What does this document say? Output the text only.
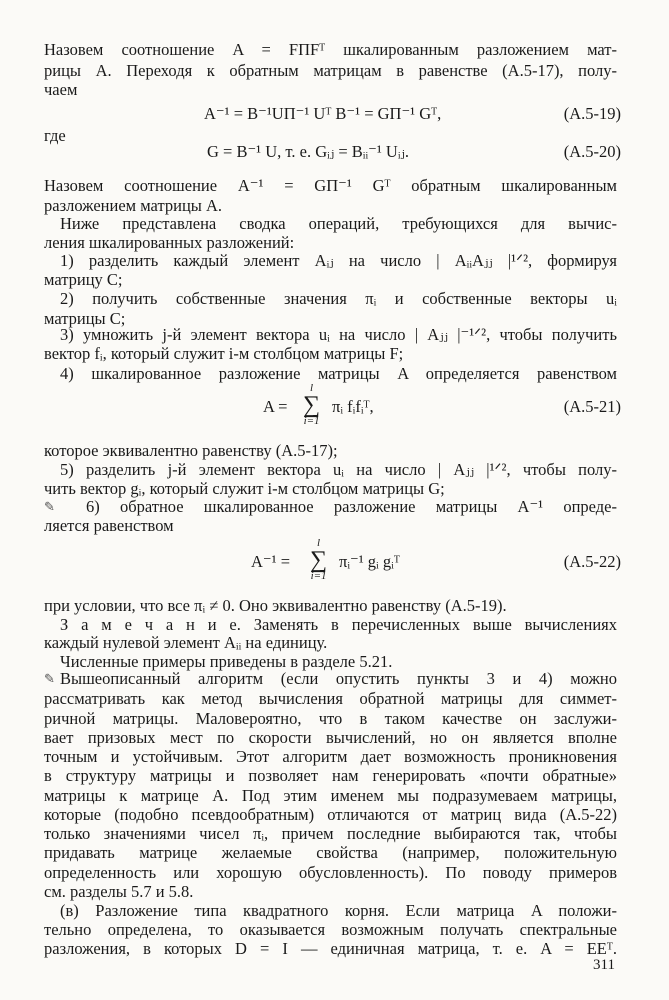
Назовем соотношение A = FΠFᵀ шкалированным разложением мат-
рицы A. Переходя к обратным матрицам в равенстве (A.5-17), полу-
чаем
A⁻¹ = B⁻¹UΠ⁻¹ Uᵀ B⁻¹ = GΠ⁻¹ Gᵀ,	(A.5-19)
где
G = B⁻¹ U, т. е. Gᵢⱼ = Bᵢᵢ⁻¹ Uᵢⱼ.	(A.5-20)
Назовем соотношение A⁻¹ = GΠ⁻¹ Gᵀ обратным шкалированным
разложением матрицы A.
Ниже представлена сводка операций, требующихся для вычис-
ления шкалированных разложений:
1) разделить каждый элемент Aᵢⱼ на число | AᵢᵢAⱼⱼ |¹ᐟ², формируя
матрицу C;
2) получить собственные значения πᵢ и собственные векторы uᵢ
матрицы C;
3) умножить j-й элемент вектора uᵢ на число | Aⱼⱼ |⁻¹ᐟ², чтобы получить
вектор fᵢ, который служит i-м столбцом матрицы F;
4) шкалированное разложение матрицы A определяется равенством
A =
l
∑
i=1
πᵢ fᵢfᵢᵀ,	(A.5-21)
которое эквивалентно равенству (A.5-17);
5) разделить j-й элемент вектора uᵢ на число | Aⱼⱼ |¹ᐟ², чтобы полу-
чить вектор gᵢ, который служит i-м столбцом матрицы G;
✎ 6) обратное шкалированное разложение матрицы A⁻¹ опреде-
ляется равенством
A⁻¹ =
l
∑
i=1
πᵢ⁻¹ gᵢ gᵢᵀ	(A.5-22)
при условии, что все πᵢ ≠ 0. Оно эквивалентно равенству (A.5-19).
З а м е ч а н и е. Заменять в перечисленных выше вычислениях
каждый нулевой элемент Aᵢᵢ на единицу.
Численные примеры приведены в разделе 5.21.
✎ Вышеописанный алгоритм (если опустить пункты 3 и 4) можно
рассматривать как метод вычисления обратной матрицы для симмет-
ричной матрицы. Маловероятно, что в таком качестве он заслужи-
вает призовых мест по скорости вычислений, но он является вполне
точным и устойчивым. Этот алгоритм дает возможность проникновения
в структуру матрицы и позволяет нам генерировать «почти обратные»
матрицы к матрице A. Под этим именем мы подразумеваем матрицы,
которые (подобно псевдообратным) отличаются от матриц вида (A.5-22)
только значениями чисел πᵢ, причем последние выбираются так, чтобы
придавать матрице желаемые свойства (например, положительную
определенность или хорошую обусловленность). По поводу примеров
см. разделы 5.7 и 5.8.
(в) Разложение типа квадратного корня. Если матрица A положи-
тельно определена, то оказывается возможным получать спектральные
разложения, в которых D = I — единичная матрица, т. е. A = EEᵀ.
311
